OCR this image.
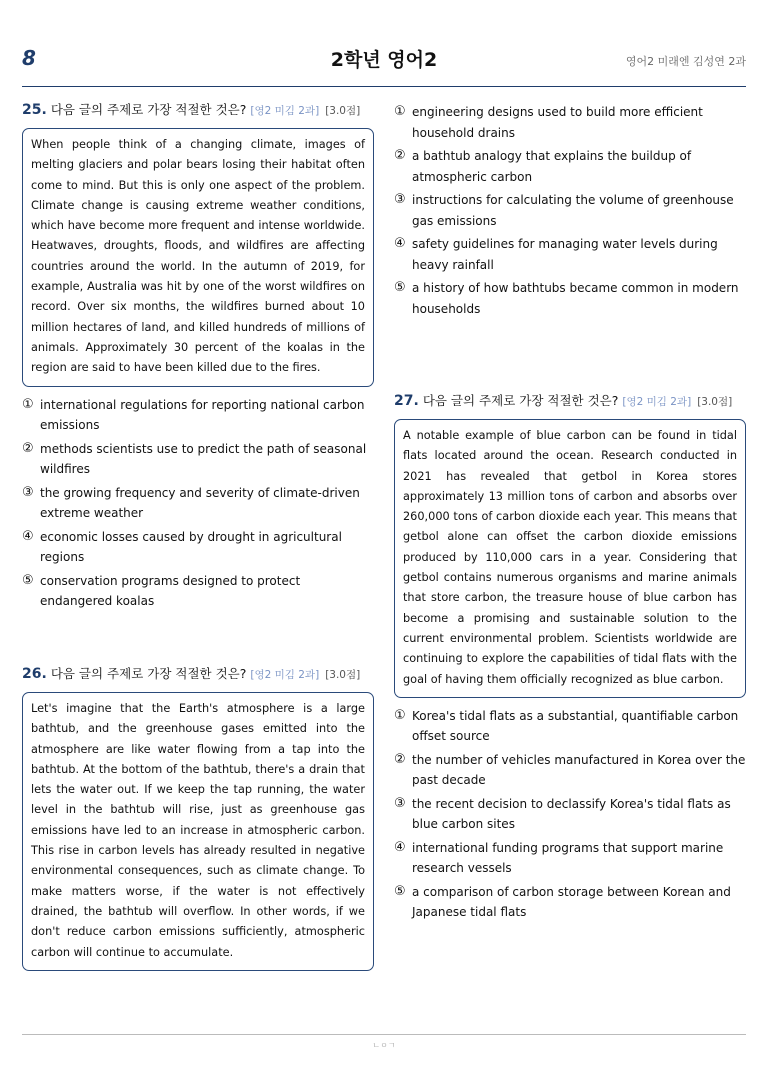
8	2학년 영어2	영어2 미래엔 김성연 2과
25. 다음 글의 주제로 가장 적절한 것은? [영2 미김 2과] [3.0점]
When people think of a changing climate, images of melting glaciers and polar bears losing their habitat often come to mind. But this is only one aspect of the problem. Climate change is causing extreme weather conditions, which have become more frequent and intense worldwide. Heatwaves, droughts, floods, and wildfires are affecting countries around the world. In the autumn of 2019, for example, Australia was hit by one of the worst wildfires on record. Over six months, the wildfires burned about 10 million hectares of land, and killed hundreds of millions of animals. Approximately 30 percent of the koalas in the region are said to have been killed due to the fires.
① international regulations for reporting national carbon emissions
② methods scientists use to predict the path of seasonal wildfires
③ the growing frequency and severity of climate-driven extreme weather
④ economic losses caused by drought in agricultural regions
⑤ conservation programs designed to protect endangered koalas
26. 다음 글의 주제로 가장 적절한 것은? [영2 미김 2과] [3.0점]
Let's imagine that the Earth's atmosphere is a large bathtub, and the greenhouse gases emitted into the atmosphere are like water flowing from a tap into the bathtub. At the bottom of the bathtub, there's a drain that lets the water out. If we keep the tap running, the water level in the bathtub will rise, just as greenhouse gas emissions have led to an increase in atmospheric carbon. This rise in carbon levels has already resulted in negative environmental consequences, such as climate change. To make matters worse, if the water is not effectively drained, the bathtub will overflow. In other words, if we don't reduce carbon emissions sufficiently, atmospheric carbon will continue to accumulate.
① engineering designs used to build more efficient household drains
② a bathtub analogy that explains the buildup of atmospheric carbon
③ instructions for calculating the volume of greenhouse gas emissions
④ safety guidelines for managing water levels during heavy rainfall
⑤ a history of how bathtubs became common in modern households
27. 다음 글의 주제로 가장 적절한 것은? [영2 미김 2과] [3.0점]
A notable example of blue carbon can be found in tidal flats located around the ocean. Research conducted in 2021 has revealed that getbol in Korea stores approximately 13 million tons of carbon and absorbs over 260,000 tons of carbon dioxide each year. This means that getbol alone can offset the carbon dioxide emissions produced by 110,000 cars in a year. Considering that getbol contains numerous organisms and marine animals that store carbon, the treasure house of blue carbon has become a promising and sustainable solution to the current environmental problem. Scientists worldwide are continuing to explore the capabilities of tidal flats with the goal of having them officially recognized as blue carbon.
① Korea's tidal flats as a substantial, quantifiable carbon offset source
② the number of vehicles manufactured in Korea over the past decade
③ the recent decision to declassify Korea's tidal flats as blue carbon sites
④ international funding programs that support marine research vessels
⑤ a comparison of carbon storage between Korean and Japanese tidal flats
ㄴㅇㄱ
